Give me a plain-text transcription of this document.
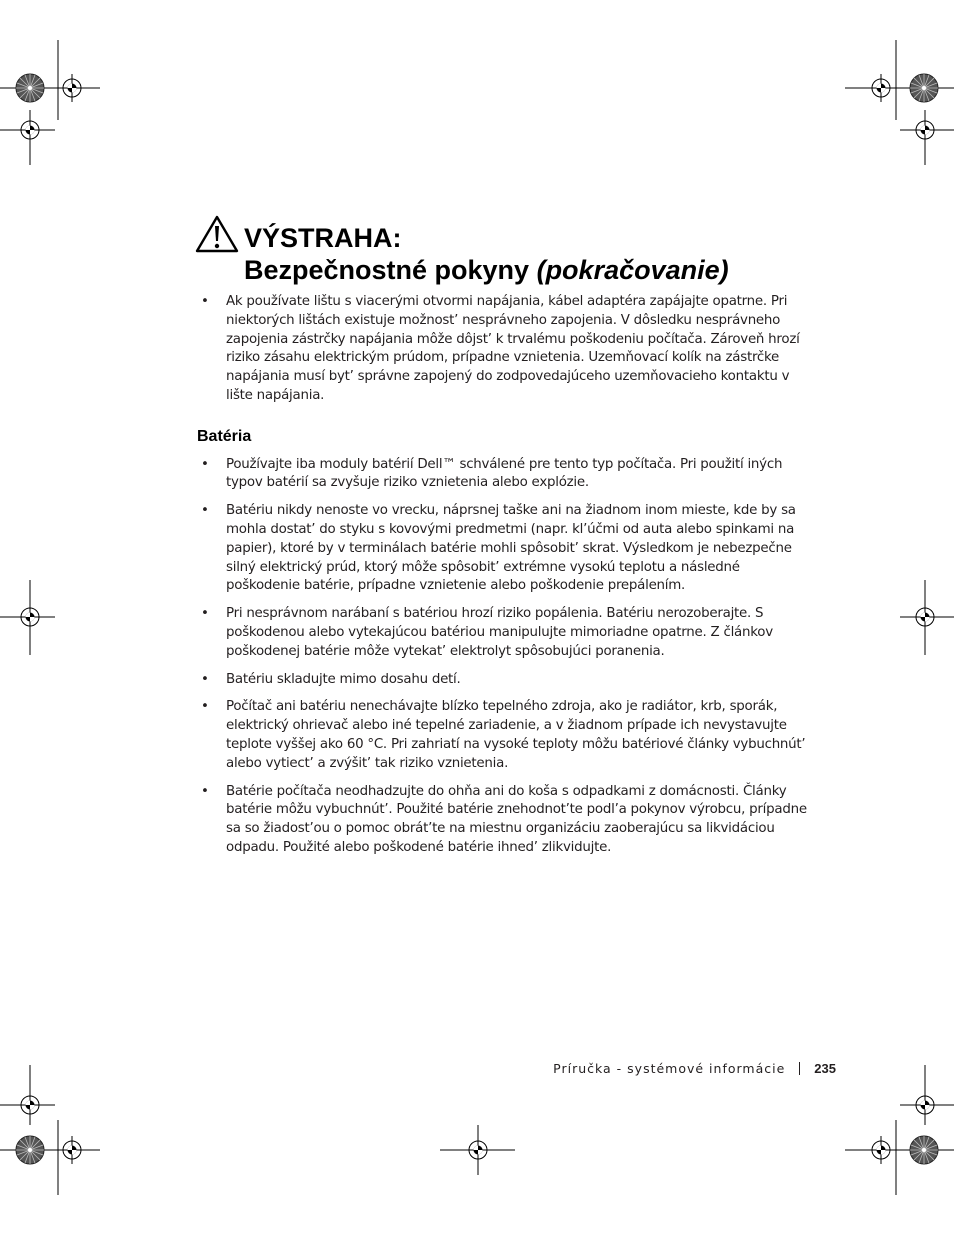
VÝSTRAHA:
Bezpečnostné pokyny (pokračovanie)
• Ak používate lištu s viacerými otvormi napájania, kábel adaptéra zapájajte opatrne. Pri niektorých lištách existuje možnost’ nesprávneho zapojenia. V dôsledku nesprávneho zapojenia zástrčky napájania môže dôjst’ k trvalému poškodeniu počítača. Zároveň hrozí riziko zásahu elektrickým prúdom, prípadne vznietenia. Uzemňovací kolík na zástrčke napájania musí byt’ správne zapojený do zodpovedajúceho uzemňovacieho kontaktu v lište napájania.
Batéria
• Používajte iba moduly batérií Dell™ schválené pre tento typ počítača. Pri použití iných typov batérií sa zvyšuje riziko vznietenia alebo explózie.
• Batériu nikdy nenoste vo vrecku, náprsnej taške ani na žiadnom inom mieste, kde by sa mohla dostat’ do styku s kovovými predmetmi (napr. kl’účmi od auta alebo spinkami na papier), ktoré by v terminálach batérie mohli spôsobit’ skrat. Výsledkom je nebezpečne silný elektrický prúd, ktorý môže spôsobit’ extrémne vysokú teplotu a následné poškodenie batérie, prípadne vznietenie alebo poškodenie prepálením.
• Pri nesprávnom narábaní s batériou hrozí riziko popálenia. Batériu nerozoberajte. S poškodenou alebo vytekajúcou batériou manipulujte mimoriadne opatrne. Z článkov poškodenej batérie môže vytekat’ elektrolyt spôsobujúci poranenia.
• Batériu skladujte mimo dosahu detí.
• Počítač ani batériu nenechávajte blízko tepelného zdroja, ako je radiátor, krb, sporák, elektrický ohrievač alebo iné tepelné zariadenie, a v žiadnom prípade ich nevystavujte teplote vyššej ako 60 °C. Pri zahriatí na vysoké teploty môžu batériové články vybuchnút’ alebo vytiect’ a zvýšit’ tak riziko vznietenia.
• Batérie počítača neodhadzujte do ohňa ani do koša s odpadkami z domácnosti. Články batérie môžu vybuchnút’. Použité batérie znehodnot’te podl’a pokynov výrobcu, prípadne sa so žiadost’ou o pomoc obrát’te na miestnu organizáciu zaoberajúcu sa likvidáciou odpadu. Použité alebo poškodené batérie ihned’ zlikvidujte.
Príručka - systémové informácie 235
